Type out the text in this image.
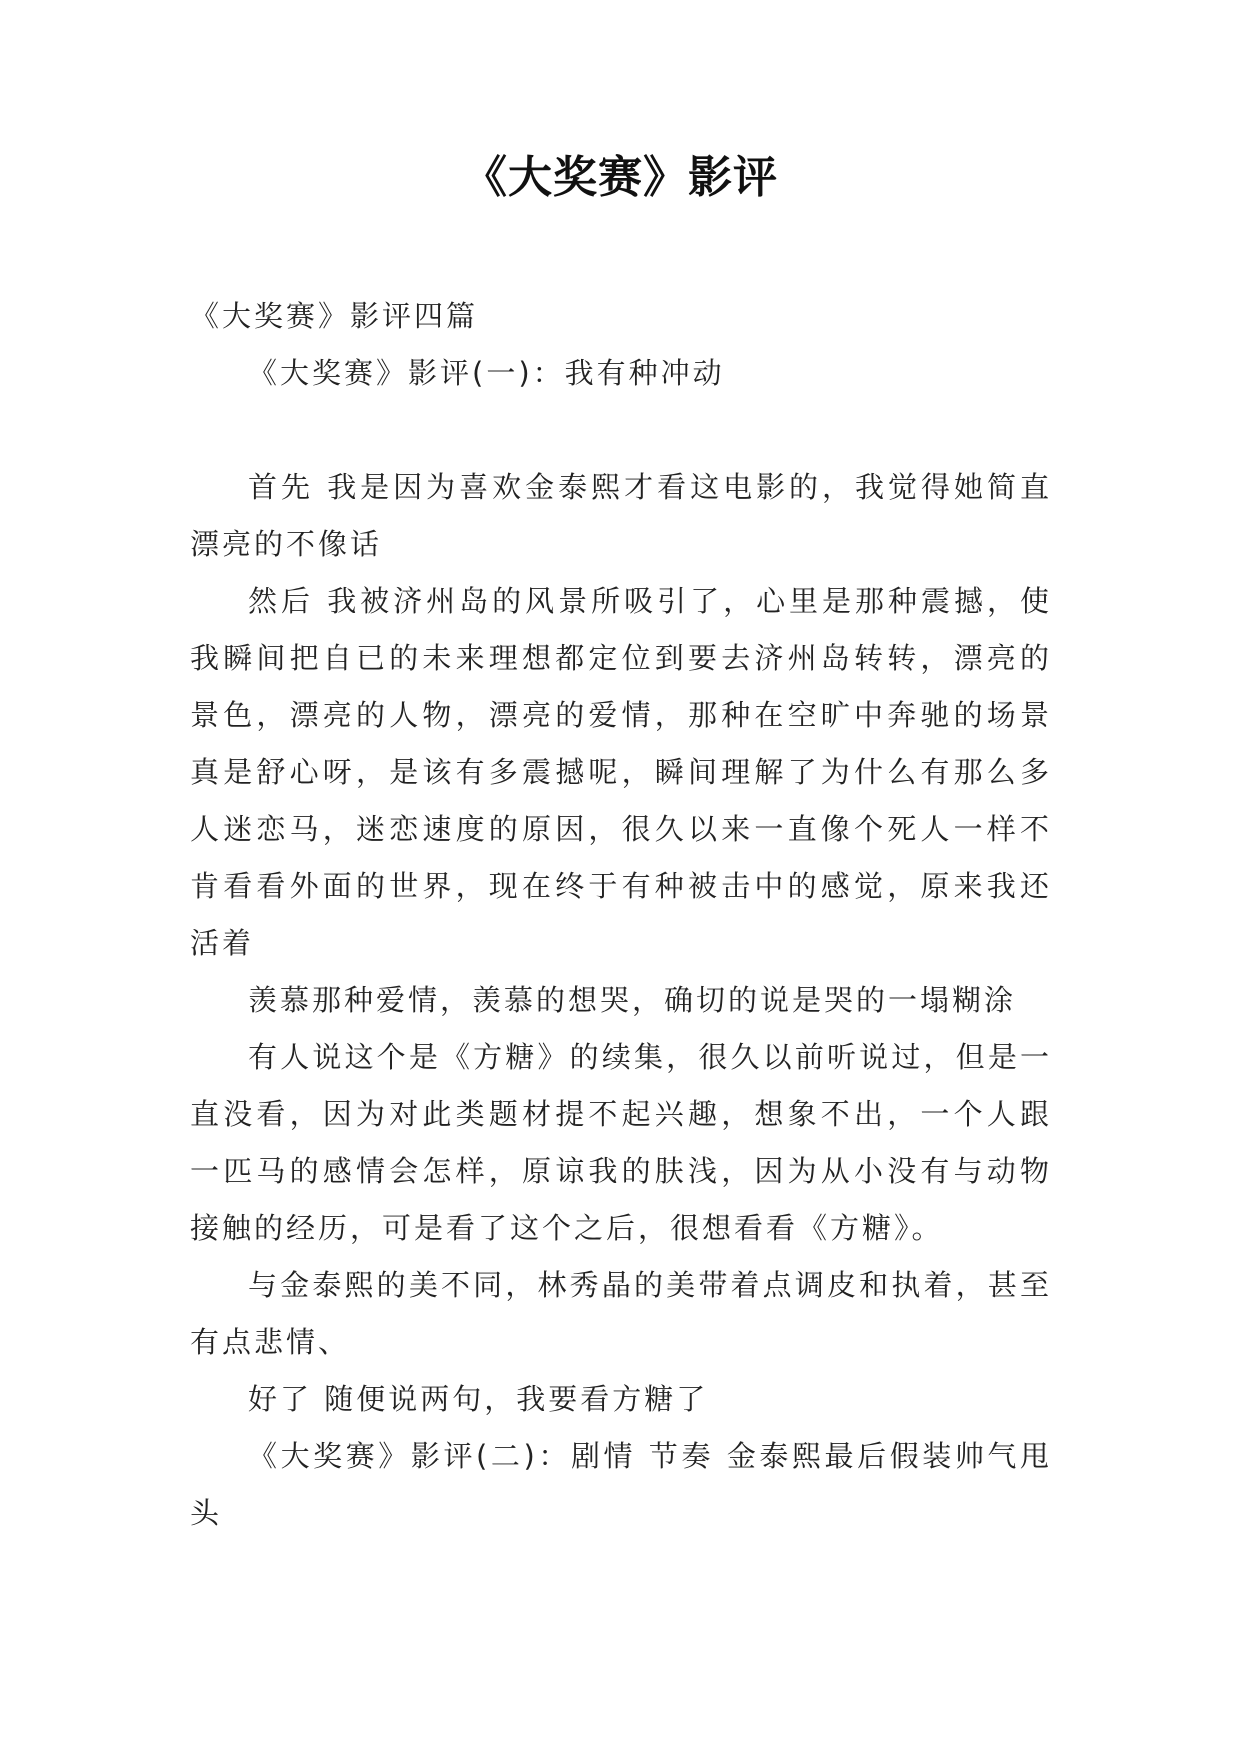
《大奖赛》影评

《大奖赛》影评四篇

《大奖赛》影评(一)：我有种冲动

首先 我是因为喜欢金泰熙才看这电影的，我觉得她简直漂亮的不像话

然后 我被济州岛的风景所吸引了，心里是那种震撼，使我瞬间把自已的未来理想都定位到要去济州岛转转，漂亮的景色，漂亮的人物，漂亮的爱情，那种在空旷中奔驰的场景真是舒心呀，是该有多震撼呢，瞬间理解了为什么有那么多人迷恋马，迷恋速度的原因，很久以来一直像个死人一样不肯看看外面的世界，现在终于有种被击中的感觉，原来我还活着

羡慕那种爱情，羡慕的想哭，确切的说是哭的一塌糊涂

有人说这个是《方糖》的续集，很久以前听说过，但是一直没看，因为对此类题材提不起兴趣，想象不出，一个人跟一匹马的感情会怎样，原谅我的肤浅，因为从小没有与动物接触的经历，可是看了这个之后，很想看看《方糖》。

与金泰熙的美不同，林秀晶的美带着点调皮和执着，甚至有点悲情、

好了 随便说两句，我要看方糖了

《大奖赛》影评(二)：剧情 节奏 金泰熙最后假装帅气甩头
